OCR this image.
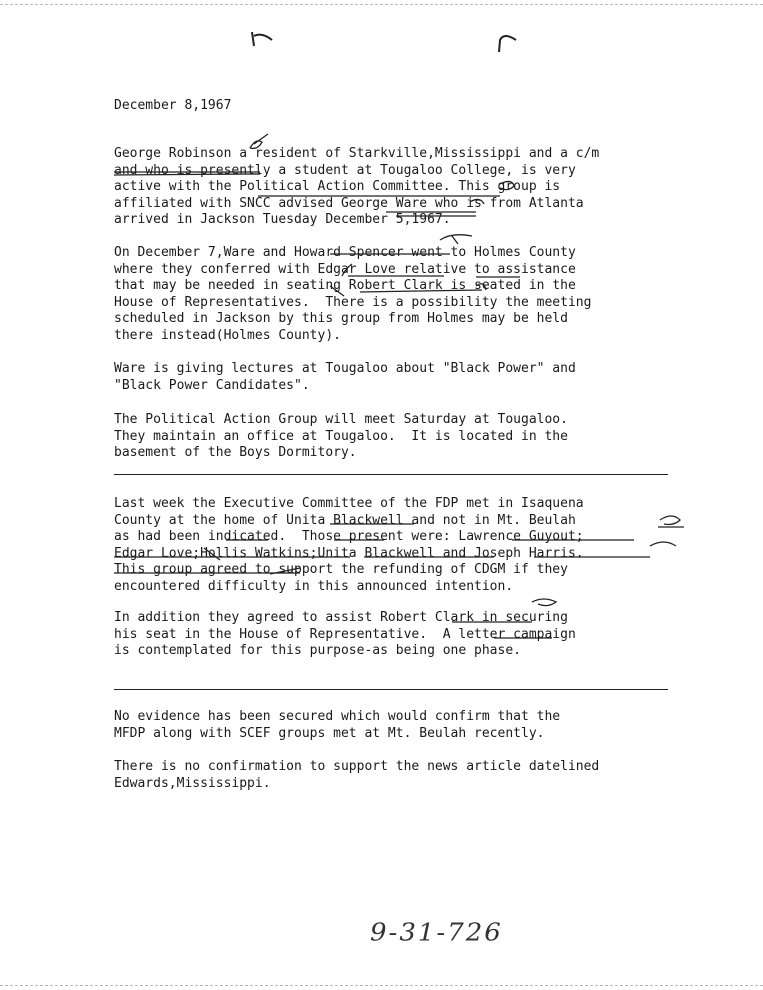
December 8,1967

George Robinson a resident of Starkville,Mississippi and a c/m
and who is presently a student at Tougaloo College, is very
active with the Political Action Committee. This group is
affiliated with SNCC advised George Ware who is from Atlanta
arrived in Jackson Tuesday December 5,1967.

On December 7,Ware and Howard Spencer went to Holmes County
where they conferred with Edgar Love relative to assistance
that may be needed in seating Robert Clark is seated in the
House of Representatives.  There is a possibility the meeting
scheduled in Jackson by this group from Holmes may be held
there instead(Holmes County).

Ware is giving lectures at Tougaloo about "Black Power" and
"Black Power Candidates".

The Political Action Group will meet Saturday at Tougaloo.
They maintain an office at Tougaloo.  It is located in the
basement of the Boys Dormitory.

Last week the Executive Committee of the FDP met in Isaquena
County at the home of Unita Blackwell and not in Mt. Beulah
as had been indicated.  Those present were: Lawrence Guyout;
Edgar Love;Hollis Watkins;Unita Blackwell and Joseph Harris.
This group agreed to support the refunding of CDGM if they
encountered difficulty in this announced intention.

In addition they agreed to assist Robert Clark in securing
his seat in the House of Representative.  A letter campaign
is contemplated for this purpose-as being one phase.

No evidence has been secured which would confirm that the
MFDP along with SCEF groups met at Mt. Beulah recently.

There is no confirmation to support the news article datelined
Edwards,Mississippi.

9-31-726
